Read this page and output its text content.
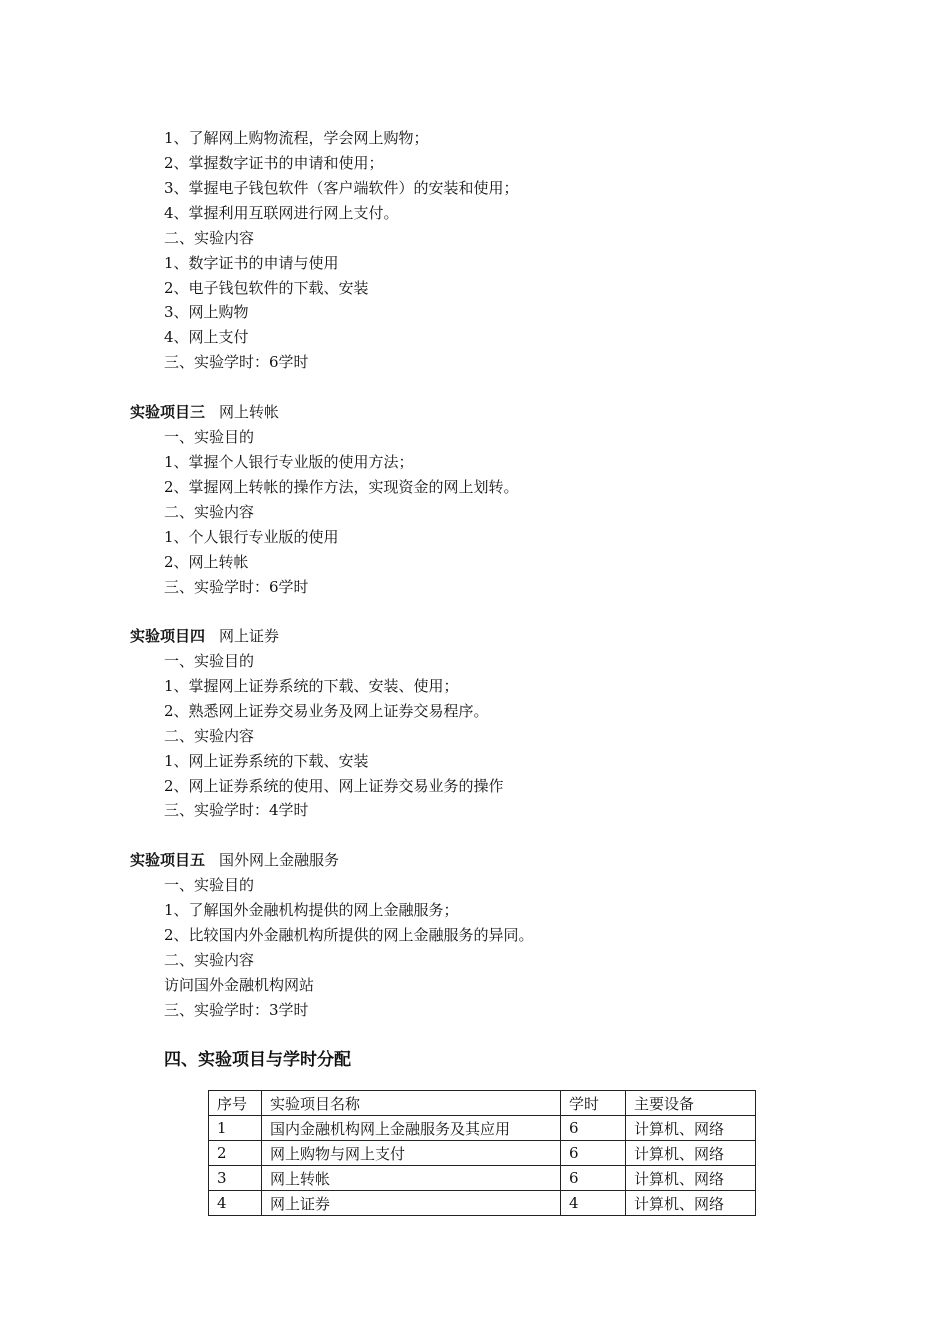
1、了解网上购物流程，学会网上购物；
2、掌握数字证书的申请和使用；
3、掌握电子钱包软件（客户端软件）的安装和使用；
4、掌握利用互联网进行网上支付。
二、实验内容
1、数字证书的申请与使用
2、电子钱包软件的下载、安装
3、网上购物
4、网上支付
三、实验学时：6学时
实验项目三 网上转帐
一、实验目的
1、掌握个人银行专业版的使用方法；
2、掌握网上转帐的操作方法，实现资金的网上划转。
二、实验内容
1、个人银行专业版的使用
2、网上转帐
三、实验学时：6学时
实验项目四 网上证券
一、实验目的
1、掌握网上证券系统的下载、安装、使用；
2、熟悉网上证券交易业务及网上证券交易程序。
二、实验内容
1、网上证券系统的下载、安装
2、网上证券系统的使用、网上证券交易业务的操作
三、实验学时：4学时
实验项目五 国外网上金融服务
一、实验目的
1、了解国外金融机构提供的网上金融服务；
2、比较国内外金融机构所提供的网上金融服务的异同。
二、实验内容
访问国外金融机构网站
三、实验学时：3学时
四、实验项目与学时分配
序号	实验项目名称	学时	主要设备
1	国内金融机构网上金融服务及其应用	6	计算机、网络
2	网上购物与网上支付	6	计算机、网络
3	网上转帐	6	计算机、网络
4	网上证券	4	计算机、网络
